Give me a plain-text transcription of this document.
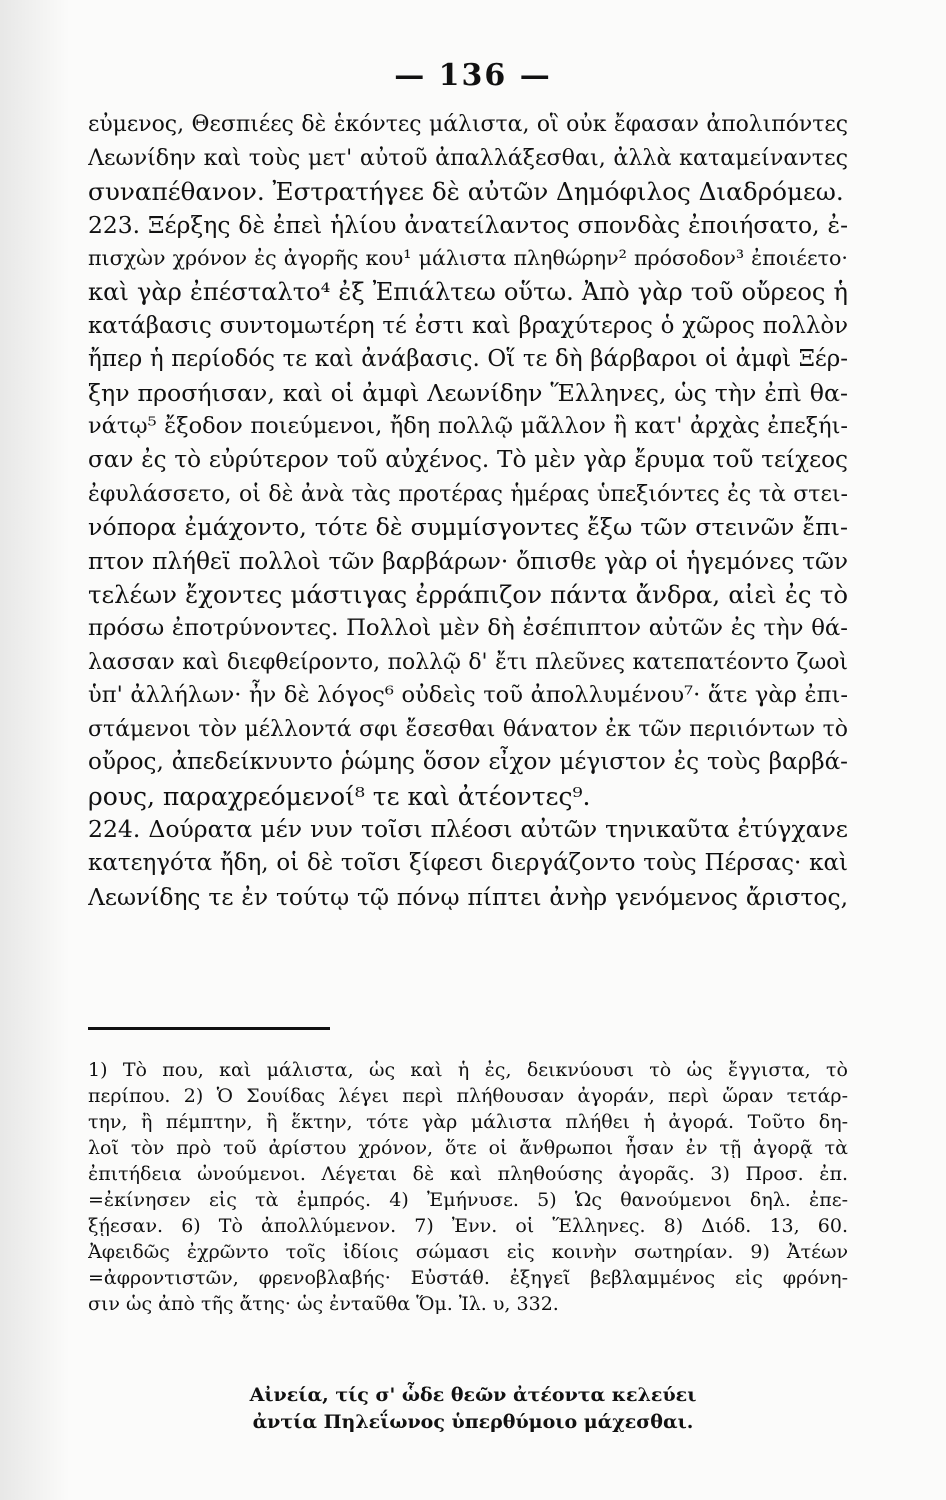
— 136 —
εὐμενος, Θεσπιέες δὲ ἑκόντες μάλιστα, οἳ οὐκ ἔφασαν ἀπολιπόντες
Λεωνίδην καὶ τοὺς μετ' αὐτοῦ ἀπαλλάξεσθαι, ἀλλὰ καταμείναντες
συναπέθανον. Ἐστρατήγεε δὲ αὐτῶν Δημόφιλος Διαδρόμεω.
223. Ξέρξης δὲ ἐπεὶ ἡλίου ἀνατείλαντος σπονδὰς ἐποιήσατο, ἐ-
πισχὼν χρόνον ἐς ἀγορῆς κου¹ μάλιστα πληθώρην² πρόσοδον³ ἐποιέετο·
καὶ γὰρ ἐπέσταλτο⁴ ἐξ Ἐπιάλτεω οὕτω. Ἀπὸ γὰρ τοῦ οὔρεος ἡ
κατάβασις συντομωτέρη τέ ἐστι καὶ βραχύτερος ὁ χῶρος πολλὸν
ἤπερ ἡ περίοδός τε καὶ ἀνάβασις. Οἵ τε δὴ βάρβαροι οἱ ἀμφὶ Ξέρ-
ξην προσήισαν, καὶ οἱ ἀμφὶ Λεωνίδην Ἕλληνες, ὡς τὴν ἐπὶ θα-
νάτῳ⁵ ἔξοδον ποιεύμενοι, ἤδη πολλῷ μᾶλλον ἢ κατ' ἀρχὰς ἐπεξήι-
σαν ἐς τὸ εὐρύτερον τοῦ αὐχένος. Τὸ μὲν γὰρ ἔρυμα τοῦ τείχεος
ἐφυλάσσετο, οἱ δὲ ἀνὰ τὰς προτέρας ἡμέρας ὑπεξιόντες ἐς τὰ στει-
νόπορα ἐμάχοντο, τότε δὲ συμμίσγοντες ἔξω τῶν στεινῶν ἔπι-
πτον πλήθεϊ πολλοὶ τῶν βαρβάρων· ὄπισθε γὰρ οἱ ἡγεμόνες τῶν
τελέων ἔχοντες μάστιγας ἐρράπιζον πάντα ἄνδρα, αἰεὶ ἐς τὸ
πρόσω ἐποτρύνοντες. Πολλοὶ μὲν δὴ ἐσέπιπτον αὐτῶν ἐς τὴν θά-
λασσαν καὶ διεφθείροντο, πολλῷ δ' ἔτι πλεῦνες κατεπατέοντο ζωοὶ
ὑπ' ἀλλήλων· ἦν δὲ λόγος⁶ οὐδεὶς τοῦ ἀπολλυμένου⁷· ἅτε γὰρ ἐπι-
στάμενοι τὸν μέλλοντά σφι ἔσεσθαι θάνατον ἐκ τῶν περιιόντων τὸ
οὔρος, ἀπεδείκνυντο ῥώμης ὅσον εἶχον μέγιστον ἐς τοὺς βαρβά-
ρους, παραχρεόμενοί⁸ τε καὶ ἀτέοντες⁹.
224. Δούρατα μέν νυν τοῖσι πλέοσι αὐτῶν τηνικαῦτα ἐτύγχανε
κατεηγότα ἤδη, οἱ δὲ τοῖσι ξίφεσι διεργάζοντο τοὺς Πέρσας· καὶ
Λεωνίδης τε ἐν τούτῳ τῷ πόνῳ πίπτει ἀνὴρ γενόμενος ἄριστος,
1) Τὸ που, καὶ μάλιστα, ὡς καὶ ἡ ἐς, δεικνύουσι τὸ ὡς ἔγγιστα, τὸ
περίπου. 2) Ὁ Σουίδας λέγει περὶ πλήθουσαν ἀγοράν, περὶ ὥραν τετάρ-
την, ἢ πέμπτην, ἢ ἕκτην, τότε γὰρ μάλιστα πλήθει ἡ ἀγορά. Τοῦτο δη-
λοῖ τὸν πρὸ τοῦ ἀρίστου χρόνον, ὅτε οἱ ἄνθρωποι ἦσαν ἐν τῇ ἀγορᾷ τὰ
ἐπιτήδεια ὠνούμενοι. Λέγεται δὲ καὶ πληθούσης ἀγορᾶς. 3) Προσ. ἐπ.
=ἐκίνησεν εἰς τὰ ἐμπρός. 4) Ἐμήνυσε. 5) Ὡς θανούμενοι δηλ. ἐπε-
ξῄεσαν. 6) Τὸ ἀπολλύμενον. 7) Ἐνν. οἱ Ἕλληνες. 8) Διόδ. 13, 60.
Ἀφειδῶς ἐχρῶντο τοῖς ἰδίοις σώμασι εἰς κοινὴν σωτηρίαν. 9) Ἀτέων
=ἀφροντιστῶν, φρενοβλαβής· Εὐστάθ. ἐξηγεῖ βεβλαμμένος εἰς φρόνη-
σιν ὡς ἀπὸ τῆς ἄτης· ὡς ἐνταῦθα Ὅμ. Ἰλ. υ, 332.
Αἰνεία, τίς σ' ὧδε θεῶν ἀτέοντα κελεύει
ἀντία Πηλεΐωνος ὑπερθύμοιο μάχεσθαι.
